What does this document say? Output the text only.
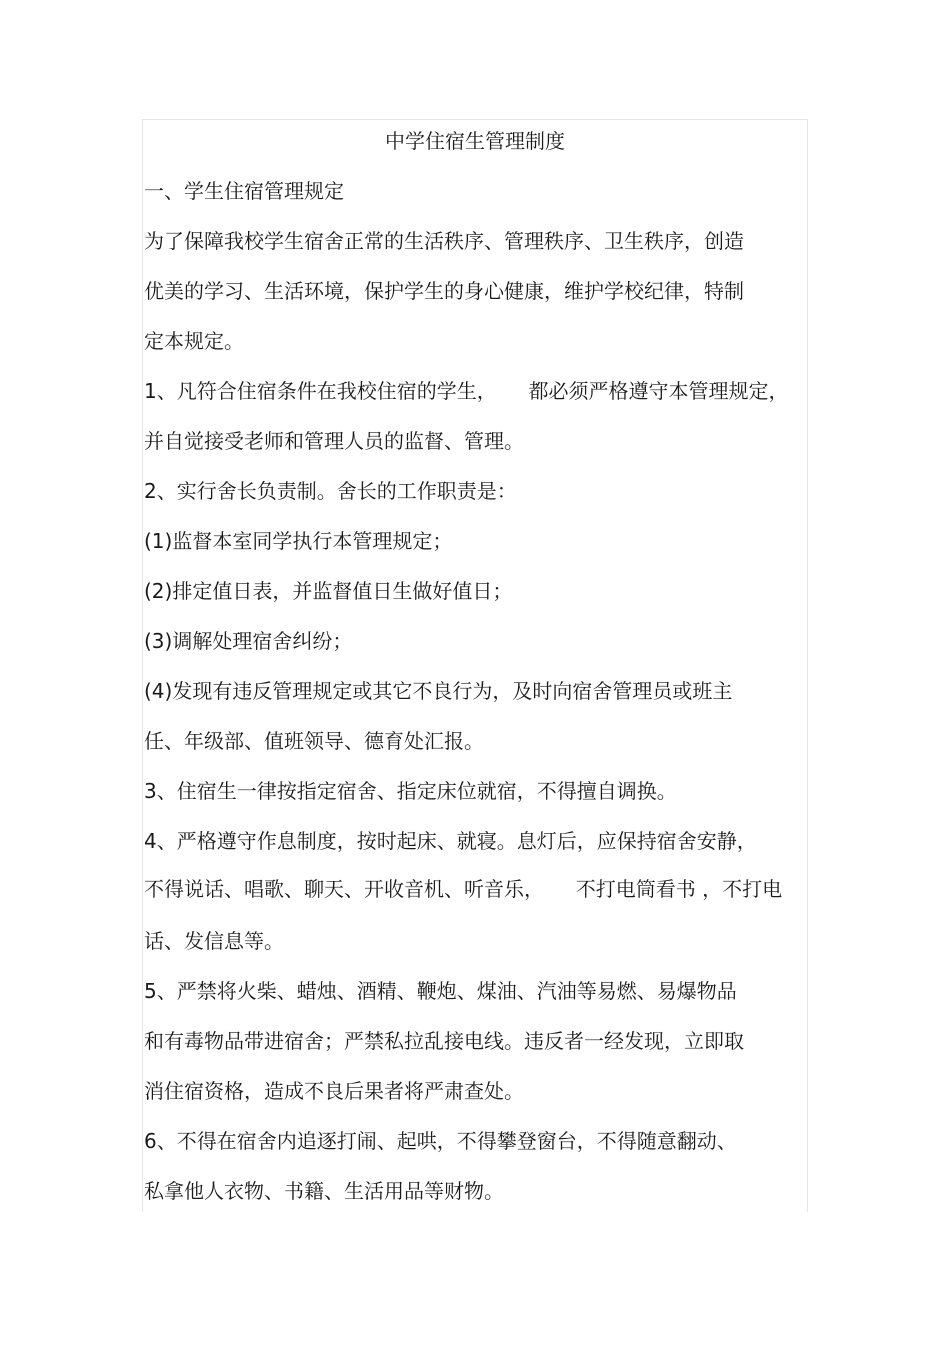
中学住宿生管理制度

一、学生住宿管理规定

为了保障我校学生宿舍正常的生活秩序、管理秩序、卫生秩序，创造

优美的学习、生活环境，保护学生的身心健康，维护学校纪律，特制

定本规定。

1、凡符合住宿条件在我校住宿的学生，     都必须严格遵守本管理规定，

并自觉接受老师和管理人员的监督、管理。

2、实行舍长负责制。舍长的工作职责是：

(1)监督本室同学执行本管理规定；

(2)排定值日表，并监督值日生做好值日；

(3)调解处理宿舍纠纷；

(4)发现有违反管理规定或其它不良行为，及时向宿舍管理员或班主

任、年级部、值班领导、德育处汇报。

3、住宿生一律按指定宿舍、指定床位就宿，不得擅自调换。

4、严格遵守作息制度，按时起床、就寝。息灯后，应保持宿舍安静，

不得说话、唱歌、聊天、开收音机、听音乐，     不打电筒看书 ，不打电

话、发信息等。

5、严禁将火柴、蜡烛、酒精、鞭炮、煤油、汽油等易燃、易爆物品

和有毒物品带进宿舍；严禁私拉乱接电线。违反者一经发现，立即取

消住宿资格，造成不良后果者将严肃查处。

6、不得在宿舍内追逐打闹、起哄，不得攀登窗台，不得随意翻动、

私拿他人衣物、书籍、生活用品等财物。
